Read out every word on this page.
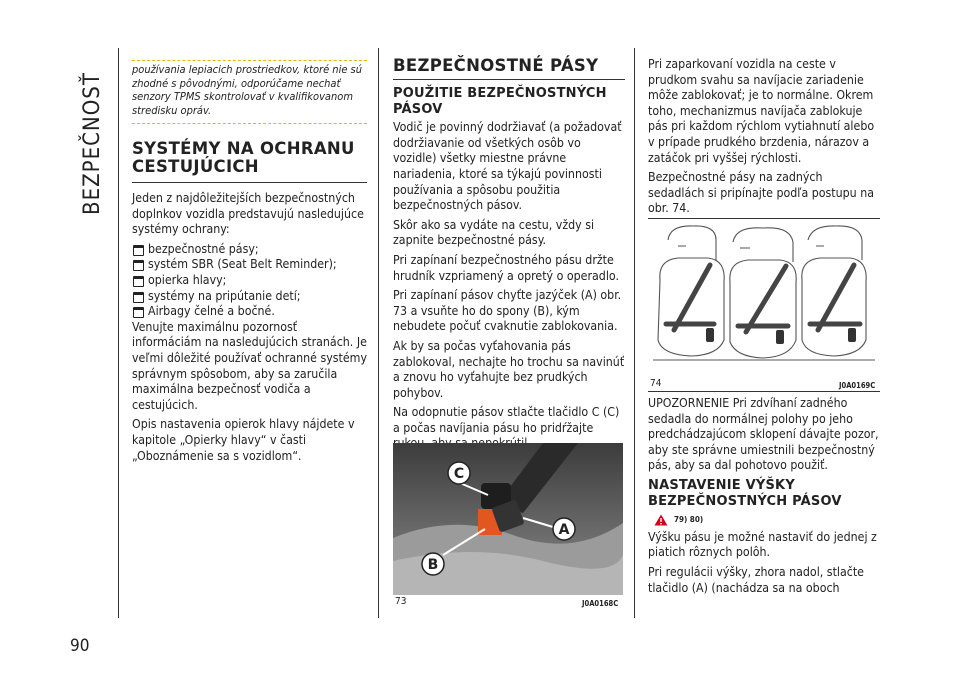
BEZPEČNOSŤ
90
používania lepiacich prostriedkov, ktoré nie sú zhodné s pôvodnými, odporúčame nechať senzory TPMS skontrolovať v kvalifikovanom stredisku opráv.
SYSTÉMY NA OCHRANU CESTUJÚCICH

Jeden z najdôležitejších bezpečnostných doplnkov vozidla predstavujú nasledujúce systémy ochrany:

bezpečnostné pásy;
systém SBR (Seat Belt Reminder);
opierka hlavy;
systémy na pripútanie detí;
Airbagy čelné a bočné.

Venujte maximálnu pozornosť informáciám na nasledujúcich stranách. Je veľmi dôležité používať ochranné systémy správnym spôsobom, aby sa zaručila maximálna bezpečnosť vodiča a cestujúcich.

Opis nastavenia opierok hlavy nájdete v kapitole „Opierky hlavy“ v časti „Oboznámenie sa s vozidlom“.

BEZPEČNOSTNÉ PÁSY
POUŽITIE BEZPEČNOSTNÝCH PÁSOV

Vodič je povinný dodržiavať (a požadovať dodržiavanie od všetkých osôb vo vozidle) všetky miestne právne nariadenia, ktoré sa týkajú povinnosti používania a spôsobu použitia bezpečnostných pásov.

Skôr ako sa vydáte na cestu, vždy si zapnite bezpečnostné pásy.

Pri zapínaní bezpečnostného pásu držte hrudník vzpriamený a opretý o operadlo.

Pri zapínaní pásov chyťte jazýček (A) obr. 73 a vsuňte ho do spony (B), kým nebudete počuť cvaknutie zablokovania.

Ak by sa počas vyťahovania pás zablokoval, nechajte ho trochu sa navinúť a znovu ho vyťahujte bez prudkých pohybov.

Na odopnutie pásov stlačte tlačidlo C (C) a počas navíjania pásu ho pridŕžajte

C
A
B
73	J0A0168C

Pri zaparkovaní vozidla na ceste v prudkom svahu sa navíjacie zariadenie môže zablokovať; je to normálne. Okrem toho, mechanizmus navíjača zablokuje pás pri každom rýchlom vytiahnutí alebo v prípade prudkého brzdenia, nárazov a zatáčok pri vyššej rýchlosti.

Bezpečnostné pásy na zadných sedadlách si pripínajte podľa postupu na obr. 74.

74	J0A0169C

UPOZORNENIE Pri zdvíhaní zadného sedadla do normálnej polohy po jeho predchádzajúcom sklopení dávajte pozor, aby ste správne umiestnili bezpečnostný pás, aby sa dal pohotovo použiť.

NASTAVENIE VÝŠKY BEZPEČNOSTNÝCH PÁSOV
79) 80)

Výšku pásu je možné nastaviť do jednej z piatich rôznych polôh.

Pri regulácii výšky, zhora nadol, stlačte tlačidlo (A) (nachádza sa na oboch
